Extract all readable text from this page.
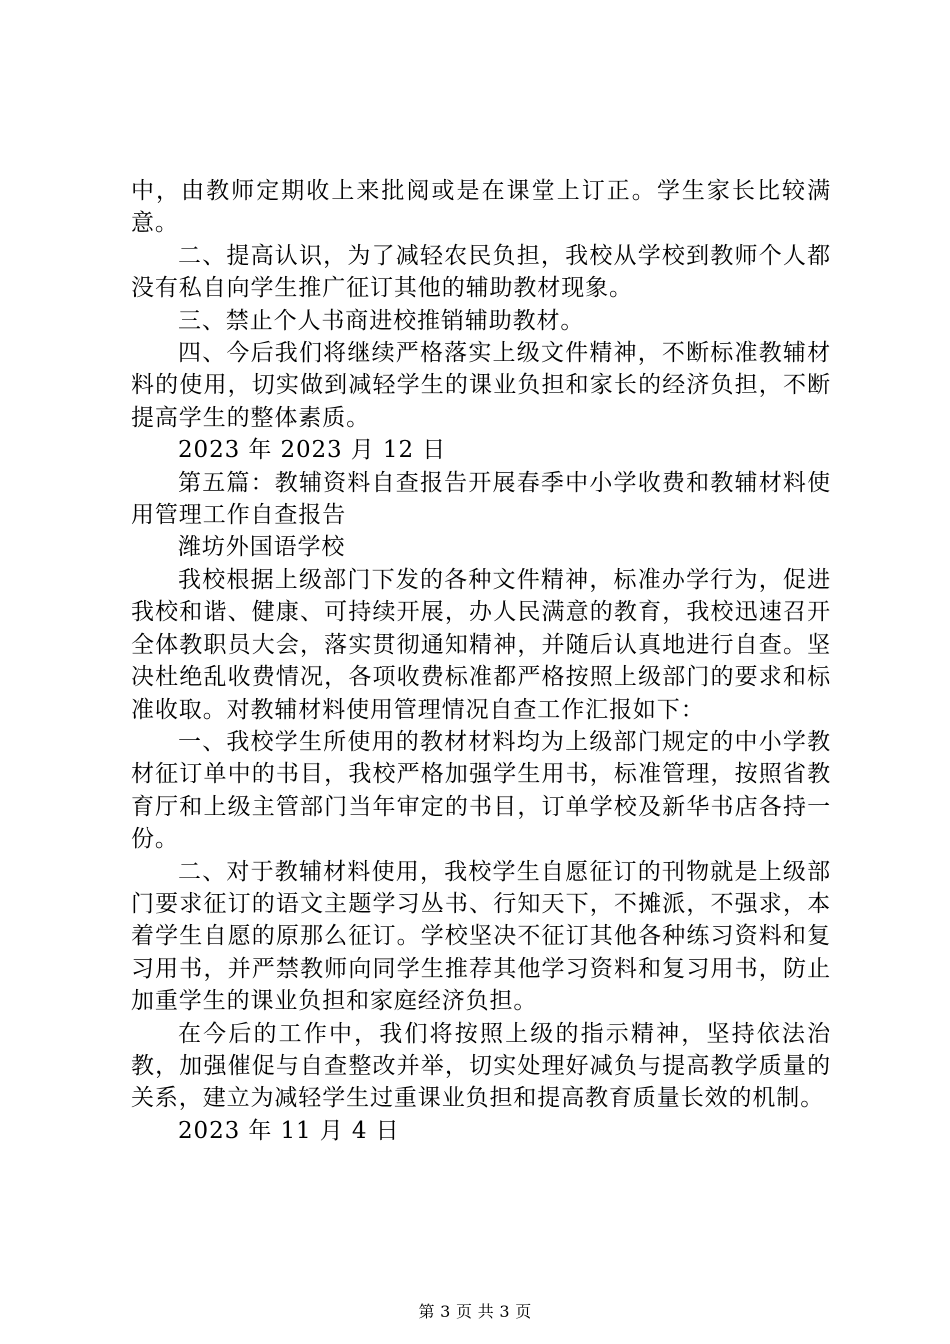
中，由教师定期收上来批阅或是在课堂上订正。学生家长比较满意。

二、提高认识，为了减轻农民负担，我校从学校到教师个人都没有私自向学生推广征订其他的辅助教材现象。

三、禁止个人书商进校推销辅助教材。

四、今后我们将继续严格落实上级文件精神，不断标准教辅材料的使用，切实做到减轻学生的课业负担和家长的经济负担，不断提高学生的整体素质。

2023 年 2023 月 12 日

第五篇：教辅资料自查报告开展春季中小学收费和教辅材料使用管理工作自查报告

潍坊外国语学校

我校根据上级部门下发的各种文件精神，标准办学行为，促进我校和谐、健康、可持续开展，办人民满意的教育，我校迅速召开全体教职员大会，落实贯彻通知精神，并随后认真地进行自查。坚决杜绝乱收费情况，各项收费标准都严格按照上级部门的要求和标准收取。对教辅材料使用管理情况自查工作汇报如下：

一、我校学生所使用的教材材料均为上级部门规定的中小学教材征订单中的书目，我校严格加强学生用书，标准管理，按照省教育厅和上级主管部门当年审定的书目，订单学校及新华书店各持一份。

二、对于教辅材料使用，我校学生自愿征订的刊物就是上级部门要求征订的语文主题学习丛书、行知天下，不摊派，不强求，本着学生自愿的原那么征订。学校坚决不征订其他各种练习资料和复习用书，并严禁教师向同学生推荐其他学习资料和复习用书，防止加重学生的课业负担和家庭经济负担。

在今后的工作中，我们将按照上级的指示精神，坚持依法治教，加强催促与自查整改并举，切实处理好减负与提高教学质量的关系，建立为减轻学生过重课业负担和提高教育质量长效的机制。

2023 年 11 月 4 日

第 3 页 共 3 页
